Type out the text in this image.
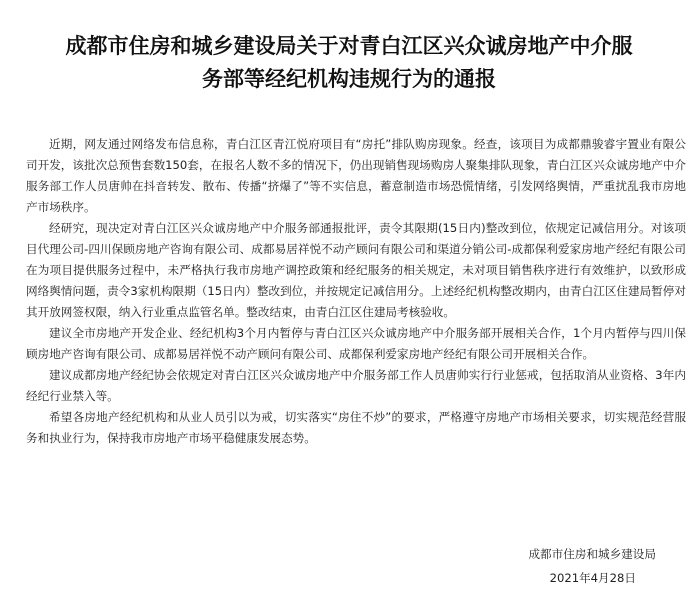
成都市住房和城乡建设局关于对青白江区兴众诚房地产中介服
务部等经纪机构违规行为的通报

近期，网友通过网络发布信息称，青白江区青江悦府项目有“房托”排队购房现象。经查，该项目为成都鼎骏睿宇置业有限公司开发，该批次总预售套数150套，在报名人数不多的情况下，仍出现销售现场购房人聚集排队现象，青白江区兴众诚房地产中介服务部工作人员唐帅在抖音转发、散布、传播“挤爆了”等不实信息，蓄意制造市场恐慌情绪，引发网络舆情，严重扰乱我市房地产市场秩序。

经研究，现决定对青白江区兴众诚房地产中介服务部通报批评，责令其限期(15日内)整改到位，依规定记减信用分。对该项目代理公司-四川保顾房地产咨询有限公司、成都易居祥悦不动产顾问有限公司和渠道分销公司-成都保利爱家房地产经纪有限公司在为项目提供服务过程中，未严格执行我市房地产调控政策和经纪服务的相关规定，未对项目销售秩序进行有效维护，以致形成网络舆情问题，责令3家机构限期（15日内）整改到位，并按规定记减信用分。上述经纪机构整改期内，由青白江区住建局暂停对其开放网签权限，纳入行业重点监管名单。整改结束，由青白江区住建局考核验收。

建议全市房地产开发企业、经纪机构3个月内暂停与青白江区兴众诚房地产中介服务部开展相关合作，1个月内暂停与四川保顾房地产咨询有限公司、成都易居祥悦不动产顾问有限公司、成都保利爱家房地产经纪有限公司开展相关合作。

建议成都房地产经纪协会依规定对青白江区兴众诚房地产中介服务部工作人员唐帅实行行业惩戒，包括取消从业资格、3年内经纪行业禁入等。

希望各房地产经纪机构和从业人员引以为戒，切实落实“房住不炒”的要求，严格遵守房地产市场相关要求，切实规范经营服务和执业行为，保持我市房地产市场平稳健康发展态势。

成都市住房和城乡建设局
2021年4月28日
